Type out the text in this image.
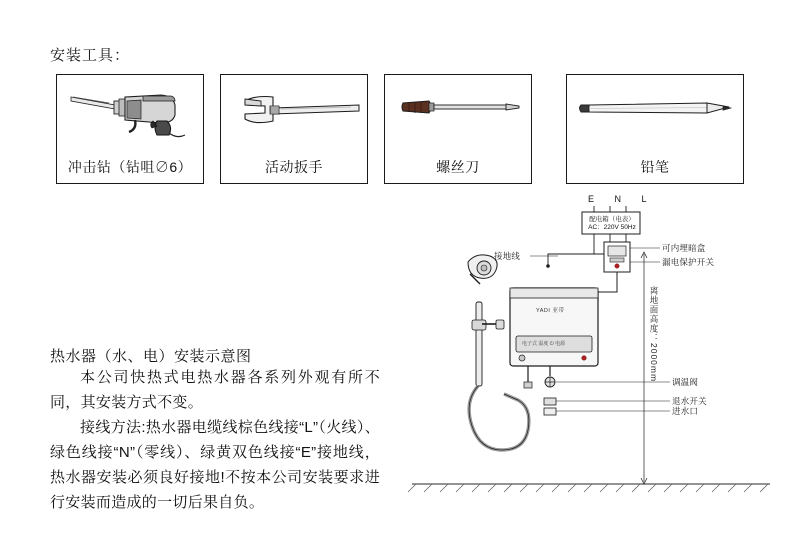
安装工具：
冲击钻（钻咀∅6）	活动扳手	螺丝刀	铅笔
热水器（水、电）安装示意图

本公司快热式电热水器各系列外观有所不同，其安装方式不变。

接线方法:热水器电缆线棕色线接“L”（火线）、绿色线接“N”（零线）、绿黄双色线接“E”接地线，热水器安装必须良好接地!不按本公司安装要求进行安装而造成的一切后果自负。

E N L
配电箱（电表）
AC：220V 50Hz
接地线
可内埋暗盒
漏电保护开关
离地面高度：2000mm 调温阀
退水开关
进水口
YADI 亚带
电子式 温度 ⏻ 电源
